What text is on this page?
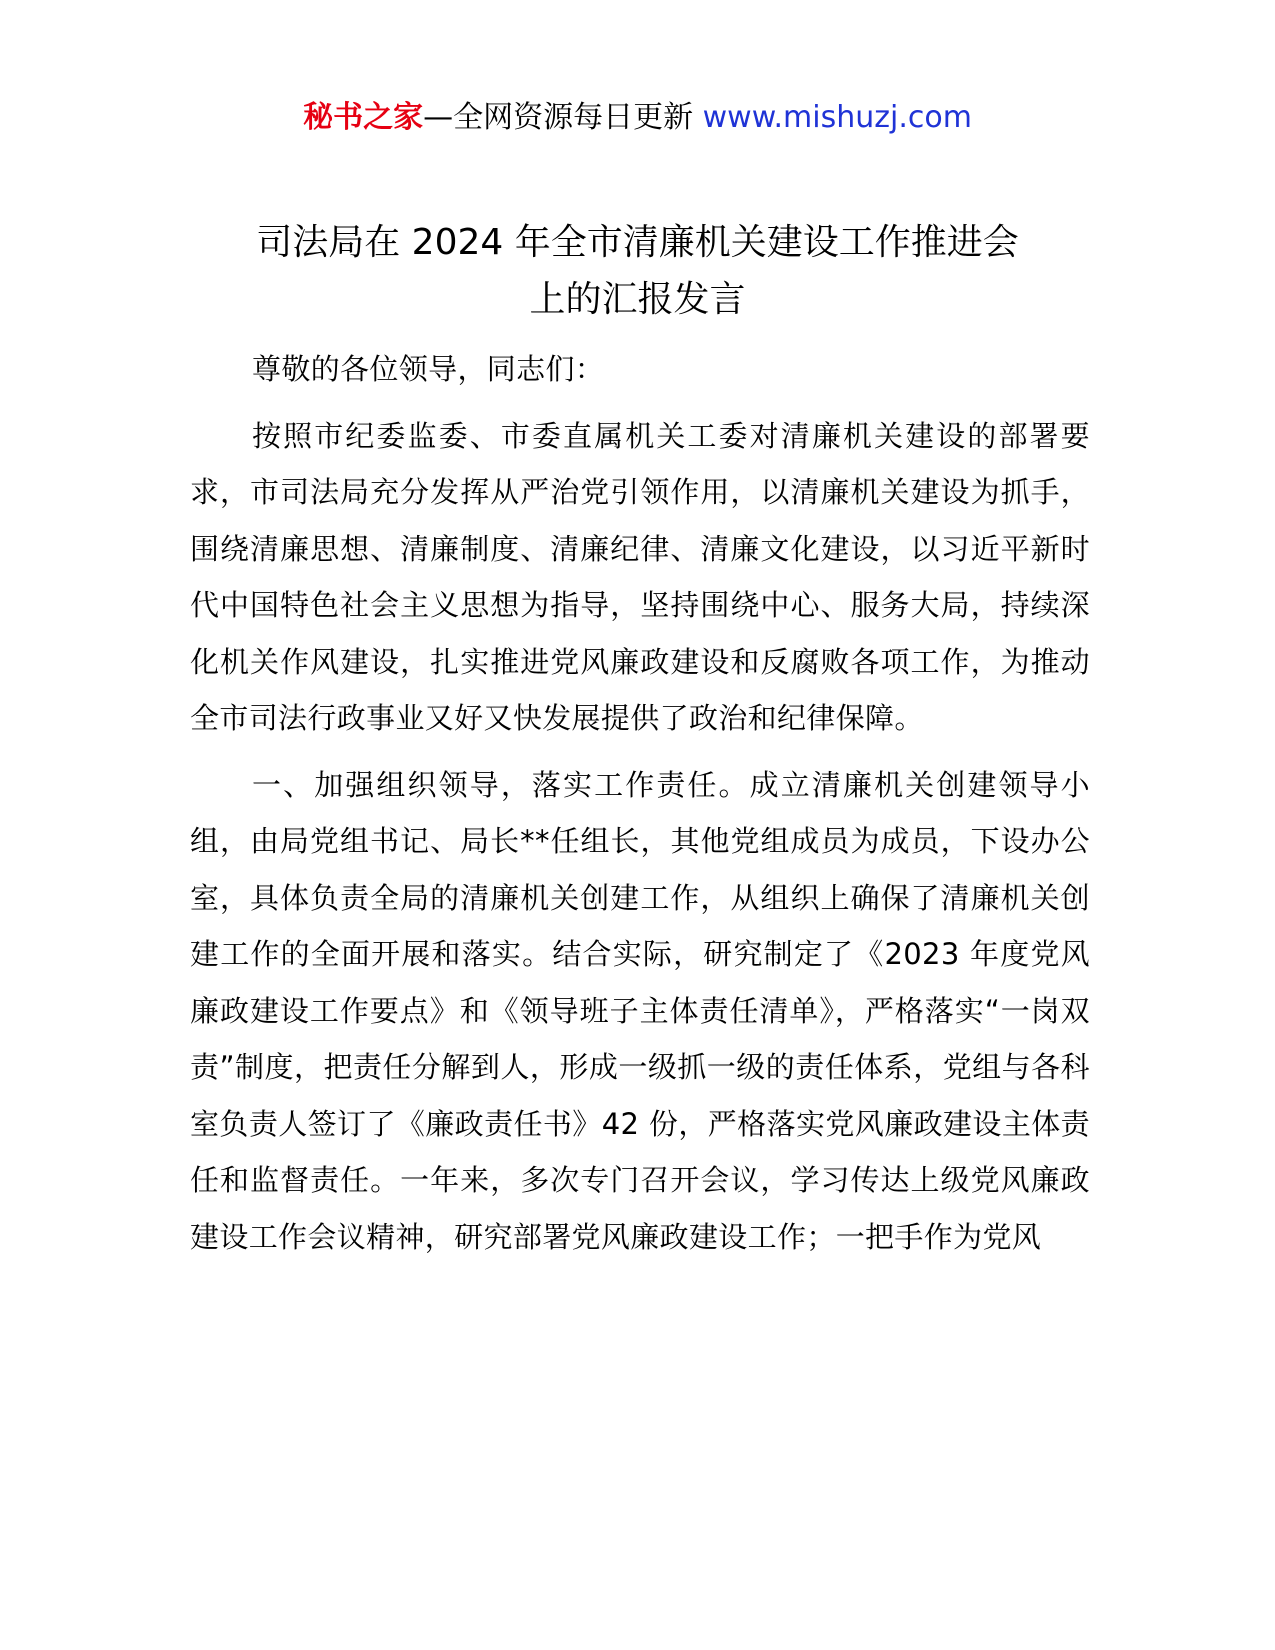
秘书之家—全网资源每日更新 www.mishuzj.com
司法局在 2024 年全市清廉机关建设工作推进会
上的汇报发言

尊敬的各位领导，同志们：

按照市纪委监委、市委直属机关工委对清廉机关建设的部署要求，市司法局充分发挥从严治党引领作用，以清廉机关建设为抓手，围绕清廉思想、清廉制度、清廉纪律、清廉文化建设，以习近平新时代中国特色社会主义思想为指导，坚持围绕中心、服务大局，持续深化机关作风建设，扎实推进党风廉政建设和反腐败各项工作，为推动全市司法行政事业又好又快发展提供了政治和纪律保障。

一、加强组织领导，落实工作责任。成立清廉机关创建领导小组，由局党组书记、局长**任组长，其他党组成员为成员，下设办公室，具体负责全局的清廉机关创建工作，从组织上确保了清廉机关创建工作的全面开展和落实。结合实际，研究制定了《2023 年度党风廉政建设工作要点》和《领导班子主体责任清单》，严格落实“一岗双责”制度，把责任分解到人，形成一级抓一级的责任体系，党组与各科室负责人签订了《廉政责任书》42 份，严格落实党风廉政建设主体责任和监督责任。一年来，多次专门召开会议，学习传达上级党风廉政建设工作会议精神，研究部署党风廉政建设工作；一把手作为党风
